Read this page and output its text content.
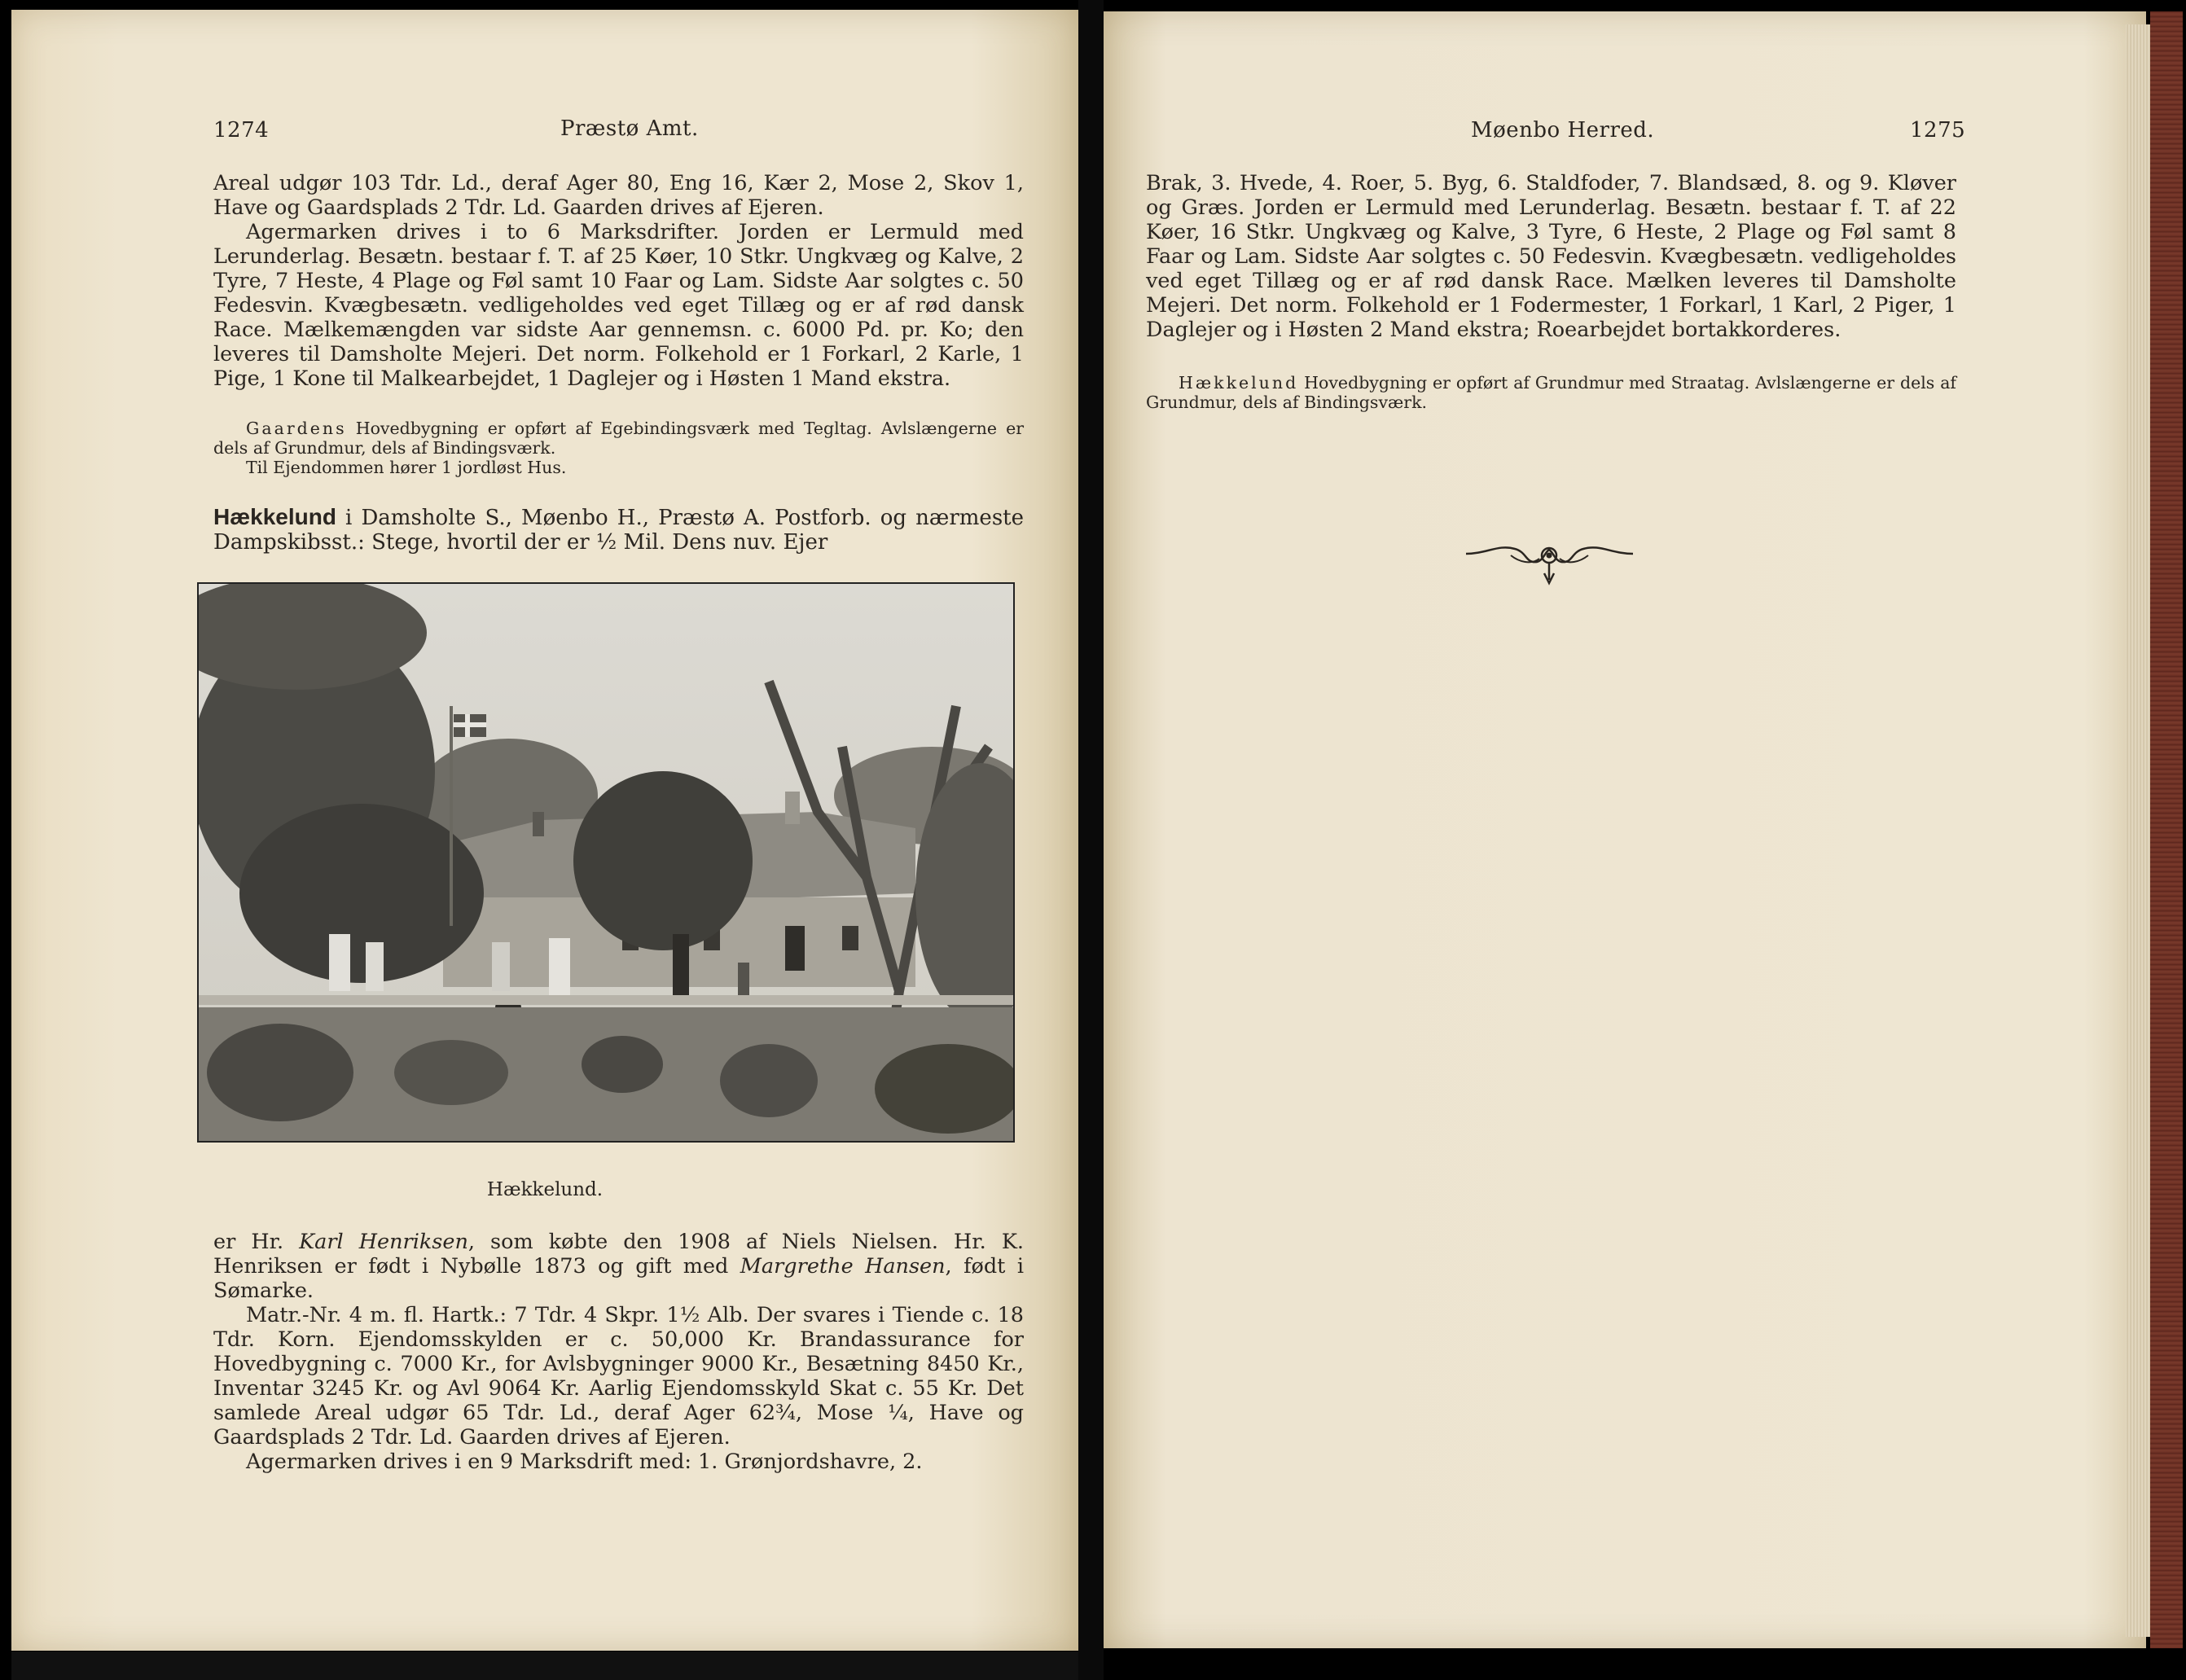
1274	Præstø Amt.

Areal udgør 103 Tdr. Ld., deraf Ager 80, Eng 16, Kær 2, Mose 2, Skov 1, Have og Gaardsplads 2 Tdr. Ld. Gaarden drives af Ejeren.

Agermarken drives i to 6 Marksdrifter. Jorden er Lermuld med Lerunderlag. Besætn. bestaar f. T. af 25 Køer, 10 Stkr. Ungkvæg og Kalve, 2 Tyre, 7 Heste, 4 Plage og Føl samt 10 Faar og Lam. Sidste Aar solgtes c. 50 Fedesvin. Kvægbesætn. vedligeholdes ved eget Tillæg og er af rød dansk Race. Mælkemængden var sidste Aar gennemsn. c. 6000 Pd. pr. Ko; den leveres til Damsholte Mejeri. Det norm. Folkehold er 1 Forkarl, 2 Karle, 1 Pige, 1 Kone til Malkearbejdet, 1 Daglejer og i Høsten 1 Mand ekstra.

Gaardens Hovedbygning er opført af Egebindingsværk med Tegltag. Avlslængerne er dels af Grundmur, dels af Bindingsværk.

Til Ejendommen hører 1 jordløst Hus.

Hækkelund i Damsholte S., Møenbo H., Præstø A. Postforb. og nærmeste Dampskibsst.: Stege, hvortil der er ½ Mil. Dens nuv. Ejer

Hækkelund.

er Hr. Karl Henriksen, som købte den 1908 af Niels Nielsen. Hr. K. Henriksen er født i Nybølle 1873 og gift med Margrethe Hansen, født i Sømarke.

Matr.-Nr. 4 m. fl. Hartk.: 7 Tdr. 4 Skpr. 1½ Alb. Der svares i Tiende c. 18 Tdr. Korn. Ejendomsskylden er c. 50,000 Kr. Brandassurance for Hovedbygning c. 7000 Kr., for Avlsbygninger 9000 Kr., Besætning 8450 Kr., Inventar 3245 Kr. og Avl 9064 Kr. Aarlig Ejendomsskyld Skat c. 55 Kr. Det samlede Areal udgør 65 Tdr. Ld., deraf Ager 62¾, Mose ¼, Have og Gaardsplads 2 Tdr. Ld. Gaarden drives af Ejeren.

Agermarken drives i en 9 Marksdrift med: 1. Grønjordshavre, 2.

Møenbo Herred.	1275

Brak, 3. Hvede, 4. Roer, 5. Byg, 6. Staldfoder, 7. Blandsæd, 8. og 9. Kløver og Græs. Jorden er Lermuld med Lerunderlag. Besætn. bestaar f. T. af 22 Køer, 16 Stkr. Ungkvæg og Kalve, 3 Tyre, 6 Heste, 2 Plage og Føl samt 8 Faar og Lam. Sidste Aar solgtes c. 50 Fedesvin. Kvægbesætn. vedligeholdes ved eget Tillæg og er af rød dansk Race. Mælken leveres til Damsholte Mejeri. Det norm. Folkehold er 1 Fodermester, 1 Forkarl, 1 Karl, 2 Piger, 1 Daglejer og i Høsten 2 Mand ekstra; Roearbejdet bortakkorderes.

Hækkelund Hovedbygning er opført af Grundmur med Straatag. Avlslængerne er dels af Grundmur, dels af Bindingsværk.
